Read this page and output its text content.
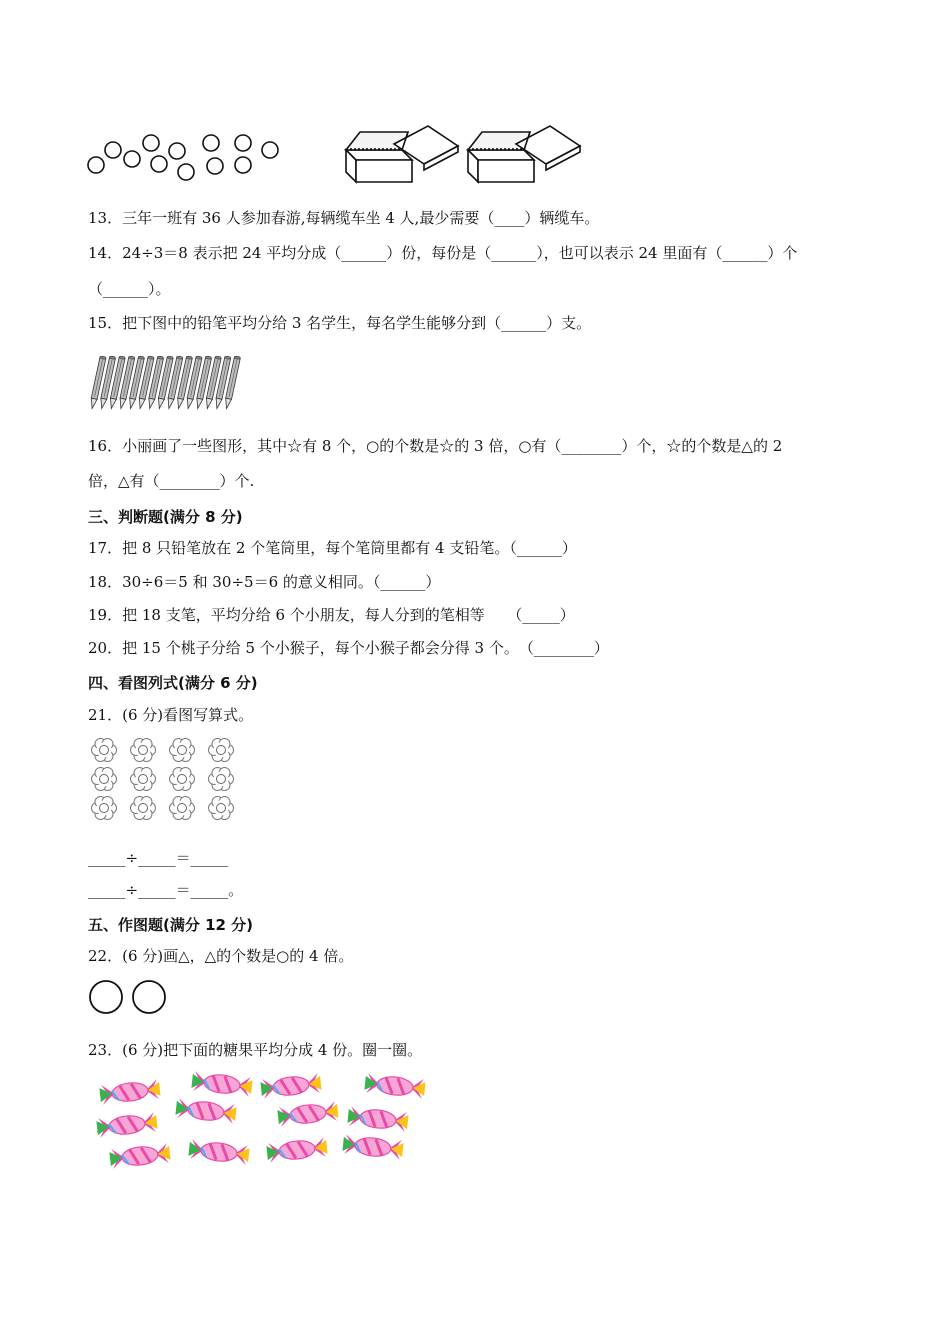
13．三年一班有 36 人参加春游,每辆缆车坐 4 人,最少需要（____）辆缆车。
14．24÷3＝8 表示把 24 平均分成（______）份，每份是（______），也可以表示 24 里面有（______）个
（______）。
15．把下图中的铅笔平均分给 3 名学生，每名学生能够分到（______）支。
16．小丽画了一些图形，其中☆有 8 个，○的个数是☆的 3 倍，○有（________）个，☆的个数是△的 2
倍，△有（________）个.
三、判断题(满分 8 分)
17．把 8 只铅笔放在 2 个笔筒里，每个笔筒里都有 4 支铅笔。（______）
18．30÷6＝5 和 30÷5＝6 的意义相同。（______）
19．把 18 支笔，平均分给 6 个小朋友，每人分到的笔相等　　（_____）
20．把 15 个桃子分给 5 个小猴子，每个小猴子都会分得 3 个。　（________）
四、看图列式(满分 6 分)
21．(6 分)看图写算式。
_____÷_____＝_____
_____÷_____＝_____。
五、作图题(满分 12 分)
22．(6 分)画△，△的个数是○的 4 倍。
23．(6 分)把下面的糖果平均分成 4 份。圈一圈。
